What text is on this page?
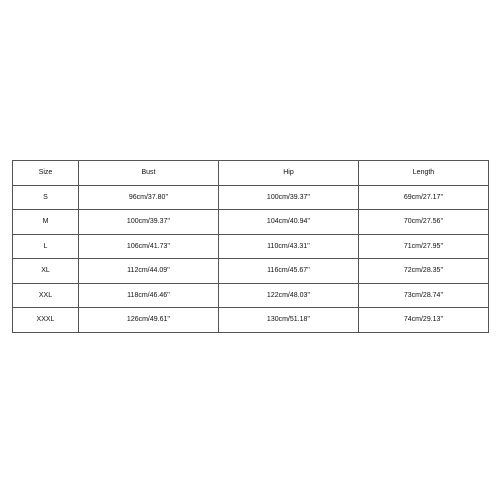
Size	Bust	Hip	Length
S	96cm/37.80''	100cm/39.37''	69cm/27.17''
M	100cm/39.37''	104cm/40.94''	70cm/27.56''
L	106cm/41.73''	110cm/43.31''	71cm/27.95''
XL	112cm/44.09''	116cm/45.67''	72cm/28.35''
XXL	118cm/46.46''	122cm/48.03''	73cm/28.74''
XXXL	126cm/49.61''	130cm/51.18''	74cm/29.13''
